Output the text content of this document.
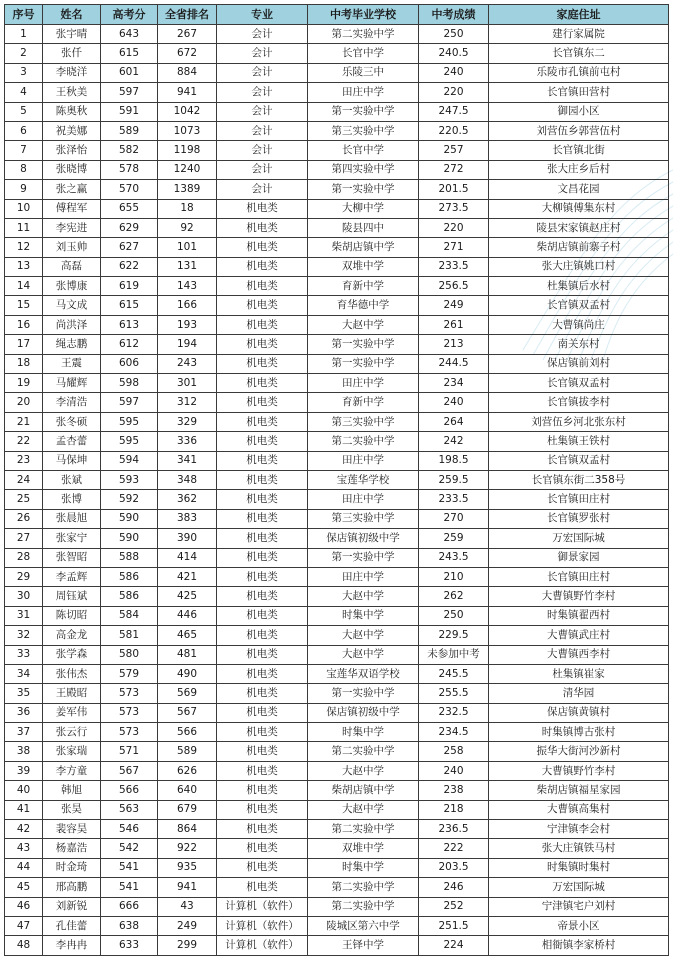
序号	姓名	高考分	全省排名	专业	中考毕业学校	中考成绩	家庭住址
1	张宇晴	643	267	会计	第二实验中学	250	建行家属院
2	张仟	615	672	会计	长官中学	240.5	长官镇东二
3	李晓洋	601	884	会计	乐陵三中	240	乐陵市孔镇前屯村
4	王秋美	597	941	会计	田庄中学	220	长官镇田营村
5	陈奥秋	591	1042	会计	第一实验中学	247.5	御园小区
6	祝美娜	589	1073	会计	第三实验中学	220.5	刘营伍乡郭营伍村
7	张泽怡	582	1198	会计	长官中学	257	长官镇北街
8	张晓博	578	1240	会计	第四实验中学	272	张大庄乡后村
9	张之赢	570	1389	会计	第一实验中学	201.5	文昌花园
10	傅程军	655	18	机电类	大柳中学	273.5	大柳镇傅集东村
11	李宪进	629	92	机电类	陵县四中	220	陵县宋家镇赵庄村
12	刘玉帅	627	101	机电类	柴胡店镇中学	271	柴胡店镇前寨子村
13	高磊	622	131	机电类	双堆中学	233.5	张大庄镇姚口村
14	张博康	619	143	机电类	育新中学	256.5	杜集镇后水村
15	马文成	615	166	机电类	育华德中学	249	长官镇双孟村
16	尚洪泽	613	193	机电类	大赵中学	261	大曹镇尚庄
17	绳志鹏	612	194	机电类	第一实验中学	213	南关东村
18	王震	606	243	机电类	第一实验中学	244.5	保店镇前刘村
19	马耀辉	598	301	机电类	田庄中学	234	长官镇双孟村
20	李清浩	597	312	机电类	育新中学	240	长官镇拔李村
21	张冬硕	595	329	机电类	第三实验中学	264	刘营伍乡河北张东村
22	孟杏蕾	595	336	机电类	第二实验中学	242	杜集镇王铁村
23	马保坤	594	341	机电类	田庄中学	198.5	长官镇双孟村
24	张斌	593	348	机电类	宝莲华学校	259.5	长官镇东街二358号
25	张博	592	362	机电类	田庄中学	233.5	长官镇田庄村
26	张晨旭	590	383	机电类	第三实验中学	270	长官镇罗张村
27	张家宁	590	390	机电类	保店镇初级中学	259	万宏国际城
28	张智昭	588	414	机电类	第一实验中学	243.5	御景家园
29	李孟辉	586	421	机电类	田庄中学	210	长官镇田庄村
30	周钰斌	586	425	机电类	大赵中学	262	大曹镇野竹李村
31	陈切昭	584	446	机电类	时集中学	250	时集镇翟西村
32	高金龙	581	465	机电类	大赵中学	229.5	大曹镇武庄村
33	张学森	580	481	机电类	大赵中学	未参加中考	大曹镇西李村
34	张伟杰	579	490	机电类	宝莲华双语学校	245.5	杜集镇崔家
35	王殿昭	573	569	机电类	第一实验中学	255.5	清华园
36	姜军伟	573	567	机电类	保店镇初级中学	232.5	保店镇黄镇村
37	张云行	573	566	机电类	时集中学	234.5	时集镇博古张村
38	张家瑞	571	589	机电类	第二实验中学	258	振华大街河沙新村
39	李方童	567	626	机电类	大赵中学	240	大曹镇野竹李村
40	韩旭	566	640	机电类	柴胡店镇中学	238	柴胡店镇福星家园
41	张昊	563	679	机电类	大赵中学	218	大曹镇高集村
42	裴容昊	546	864	机电类	第二实验中学	236.5	宁津镇李会村
43	杨嘉浩	542	922	机电类	双堆中学	222	张大庄镇铁马村
44	时金琦	541	935	机电类	时集中学	203.5	时集镇时集村
45	邢高鹏	541	941	机电类	第二实验中学	246	万宏国际城
46	刘新锐	666	43	计算机（软件）	第二实验中学	252	宁津镇宅户刘村
47	孔佳蕾	638	249	计算机（软件）	陵城区第六中学	251.5	帝景小区
48	李冉冉	633	299	计算机（软件）	王铎中学	224	相衙镇李家桥村
